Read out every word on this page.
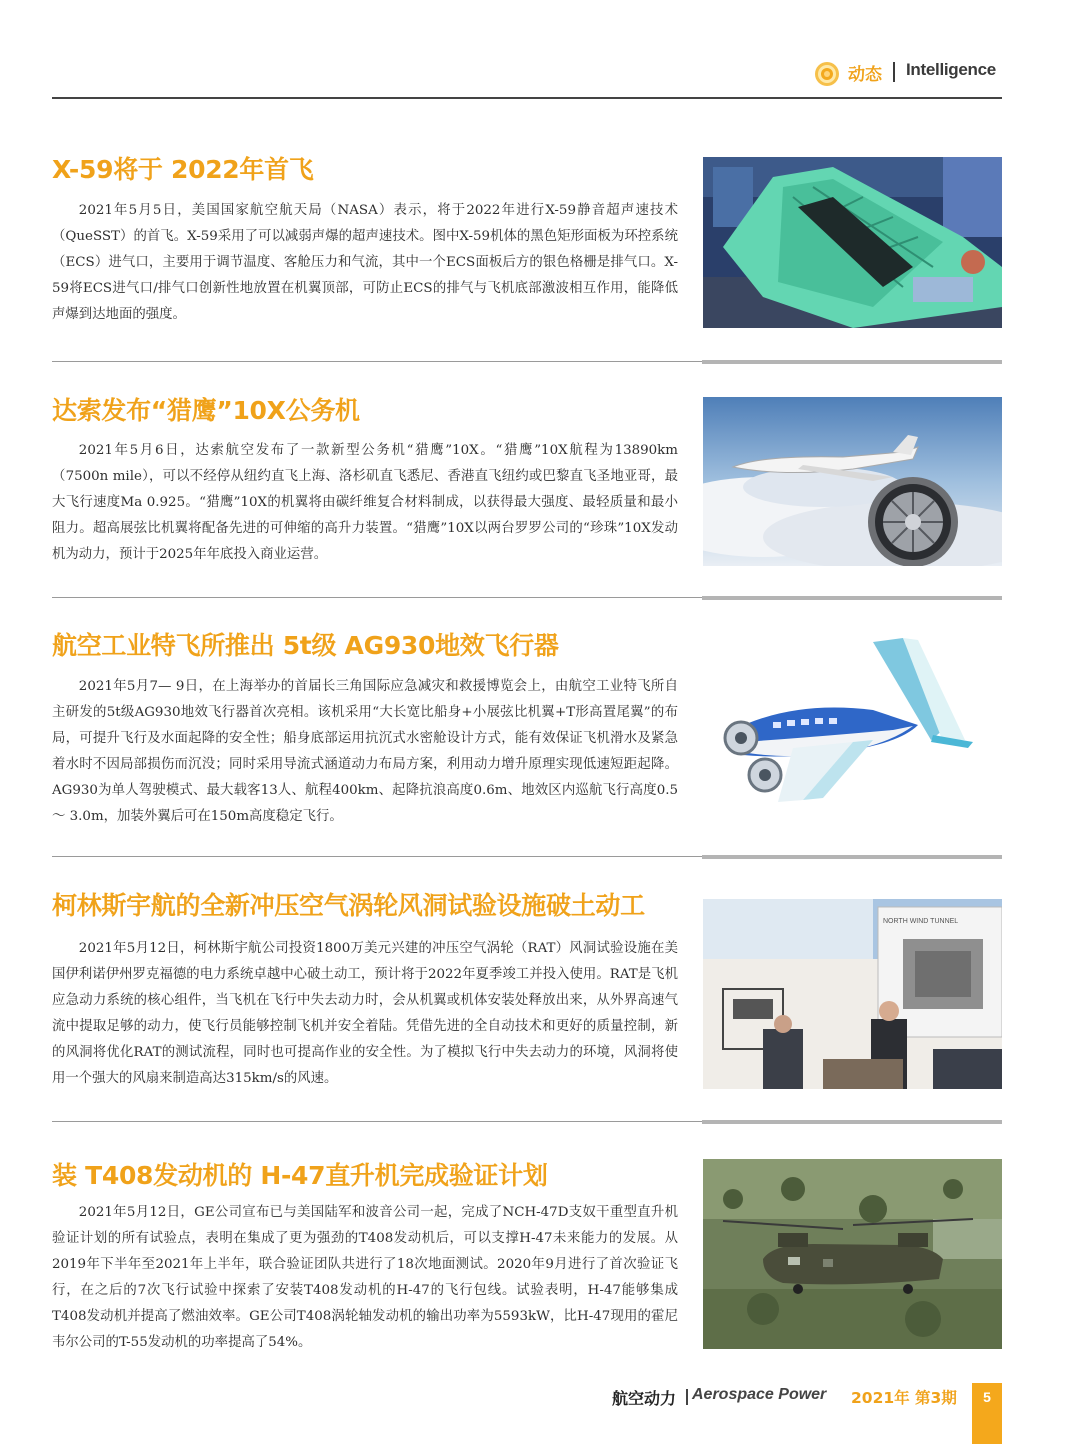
动态 Intelligence
X-59将于 2022年首飞

2021年5月5日，美国国家航空航天局（NASA）表示，将于2022年进行X-59静音超声速技术（QueSST）的首飞。X-59采用了可以减弱声爆的超声速技术。图中X-59机体的黑色矩形面板为环控系统（ECS）进气口，主要用于调节温度、客舱压力和气流，其中一个ECS面板后方的银色格栅是排气口。X-59将ECS进气口/排气口创新性地放置在机翼顶部，可防止ECS的排气与飞机底部激波相互作用，能降低声爆到达地面的强度。

达索发布“猎鹰”10X公务机

2021年5月6日，达索航空发布了一款新型公务机“猎鹰”10X。“猎鹰”10X航程为13890km（7500n mile），可以不经停从纽约直飞上海、洛杉矶直飞悉尼、香港直飞纽约或巴黎直飞圣地亚哥，最大飞行速度Ma 0.925。“猎鹰”10X的机翼将由碳纤维复合材料制成，以获得最大强度、最轻质量和最小阻力。超高展弦比机翼将配备先进的可伸缩的高升力装置。“猎鹰”10X以两台罗罗公司的“珍珠”10X发动机为动力，预计于2025年年底投入商业运营。

航空工业特飞所推出 5t级 AG930地效飞行器

2021年5月7— 9日，在上海举办的首届长三角国际应急减灾和救援博览会上，由航空工业特飞所自主研发的5t级AG930地效飞行器首次亮相。该机采用“大长宽比船身+小展弦比机翼+T形高置尾翼”的布局，可提升飞行及水面起降的安全性；船身底部运用抗沉式水密舱设计方式，能有效保证飞机滑水及紧急着水时不因局部损伤而沉没；同时采用导流式涵道动力布局方案，利用动力增升原理实现低速短距起降。AG930为单人驾驶模式、最大载客13人、航程400km、起降抗浪高度0.6m、地效区内巡航飞行高度0.5 ～ 3.0m，加装外翼后可在150m高度稳定飞行。

柯林斯宇航的全新冲压空气涡轮风洞试验设施破土动工

2021年5月12日，柯林斯宇航公司投资1800万美元兴建的冲压空气涡轮（RAT）风洞试验设施在美国伊利诺伊州罗克福德的电力系统卓越中心破土动工，预计将于2022年夏季竣工并投入使用。RAT是飞机应急动力系统的核心组件，当飞机在飞行中失去动力时，会从机翼或机体安装处释放出来，从外界高速气流中提取足够的动力，使飞行员能够控制飞机并安全着陆。凭借先进的全自动技术和更好的质量控制，新的风洞将优化RAT的测试流程，同时也可提高作业的安全性。为了模拟飞行中失去动力的环境，风洞将使用一个强大的风扇来制造高达315km/s的风速。

NORTH WIND TUNNEL
装 T408发动机的 H-47直升机完成验证计划

2021年5月12日，GE公司宣布已与美国陆军和波音公司一起，完成了NCH-47D支奴干重型直升机验证计划的所有试验点，表明在集成了更为强劲的T408发动机后，可以支撑H-47未来能力的发展。从2019年下半年至2021年上半年，联合验证团队共进行了18次地面测试。2020年9月进行了首次验证飞行，在之后的7次飞行试验中探索了安装T408发动机的H-47的飞行包线。试验表明，H-47能够集成T408发动机并提高了燃油效率。GE公司T408涡轮轴发动机的输出功率为5593kW，比H-47现用的霍尼韦尔公司的T-55发动机的功率提高了54%。

航空动力 Aerospace Power 2021年 第3期	5
